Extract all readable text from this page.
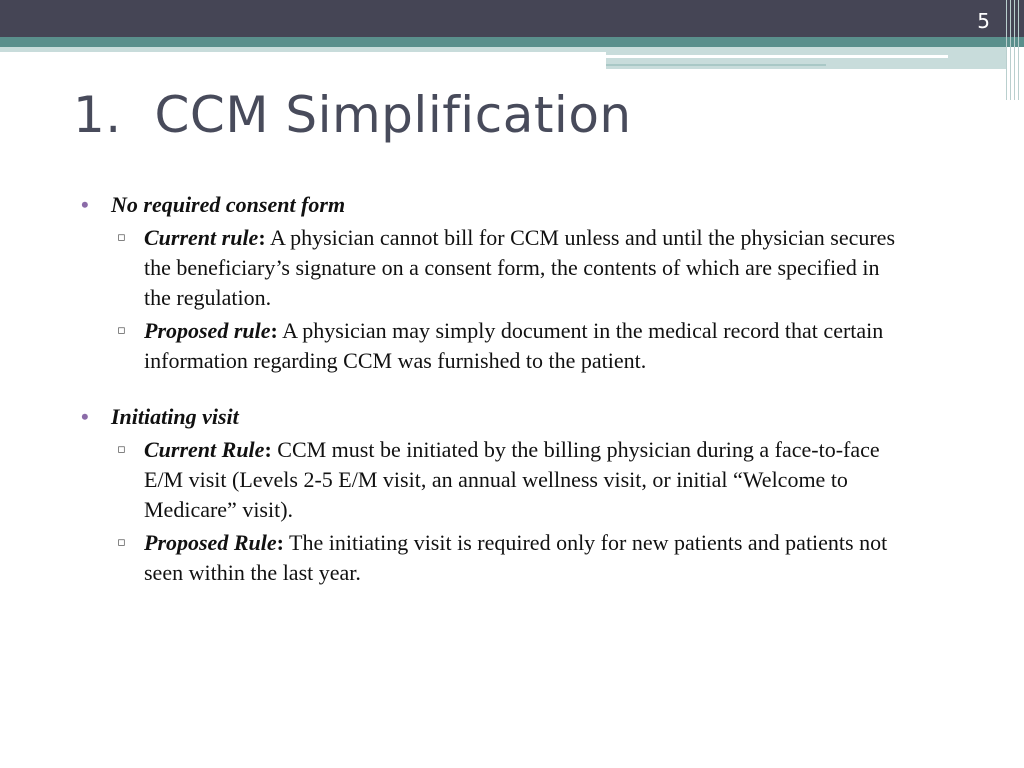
5
1.  CCM Simplification
• No required consent form
▫ Current rule: A physician cannot bill for CCM unless and until the physician secures the beneficiary’s signature on a consent form, the contents of which are specified in the regulation.
▫ Proposed rule: A physician may simply document in the medical record that certain information regarding CCM was furnished to the patient.
• Initiating visit
▫ Current Rule: CCM must be initiated by the billing physician during a face-to-face E/M visit (Levels 2-5 E/M visit, an annual wellness visit, or initial “Welcome to Medicare” visit).
▫ Proposed Rule: The initiating visit is required only for new patients and patients not seen within the last year.
